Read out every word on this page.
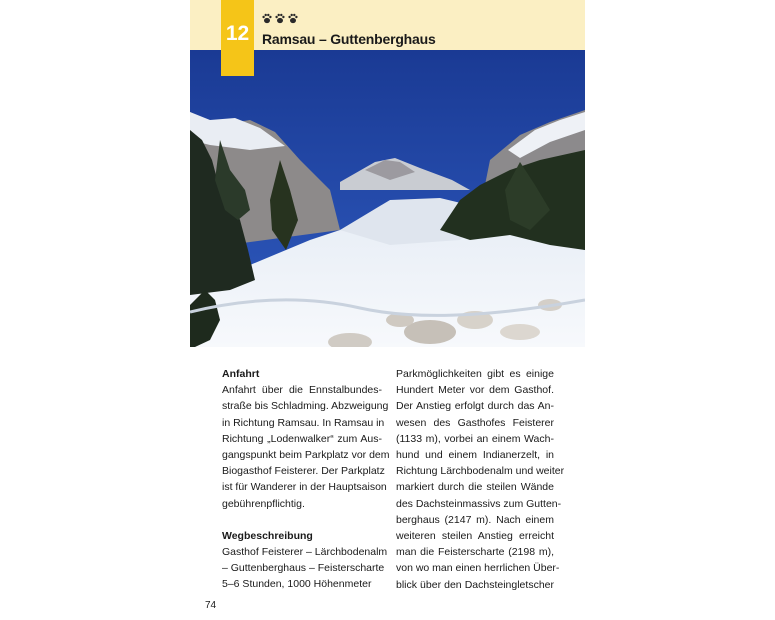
12 Ramsau – Guttenberghaus
Anfahrt
Anfahrt über die Ennstalbundes-
straße bis Schladming. Abzweigung
in Richtung Ramsau. In Ramsau in
Richtung „Lodenwalker“ zum Aus-
gangspunkt beim Parkplatz vor dem
Biogasthof Feisterer. Der Parkplatz
ist für Wanderer in der Hauptsaison
gebührenpflichtig.
Wegbeschreibung
Gasthof Feisterer – Lärchbodenalm
– Guttenberghaus – Feisterscharte
5–6 Stunden, 1000 Höhenmeter
Parkmöglichkeiten gibt es einige
Hundert Meter vor dem Gasthof.
Der Anstieg erfolgt durch das An-
wesen des Gasthofes Feisterer
(1133 m), vorbei an einem Wach-
hund und einem Indianerzelt, in
Richtung Lärchbodenalm und weiter
markiert durch die steilen Wände
des Dachsteinmassivs zum Gutten-
berghaus (2147 m). Nach einem
weiteren steilen Anstieg erreicht
man die Feisterscharte (2198 m),
von wo man einen herrlichen Über-
blick über den Dachsteingletscher
74
